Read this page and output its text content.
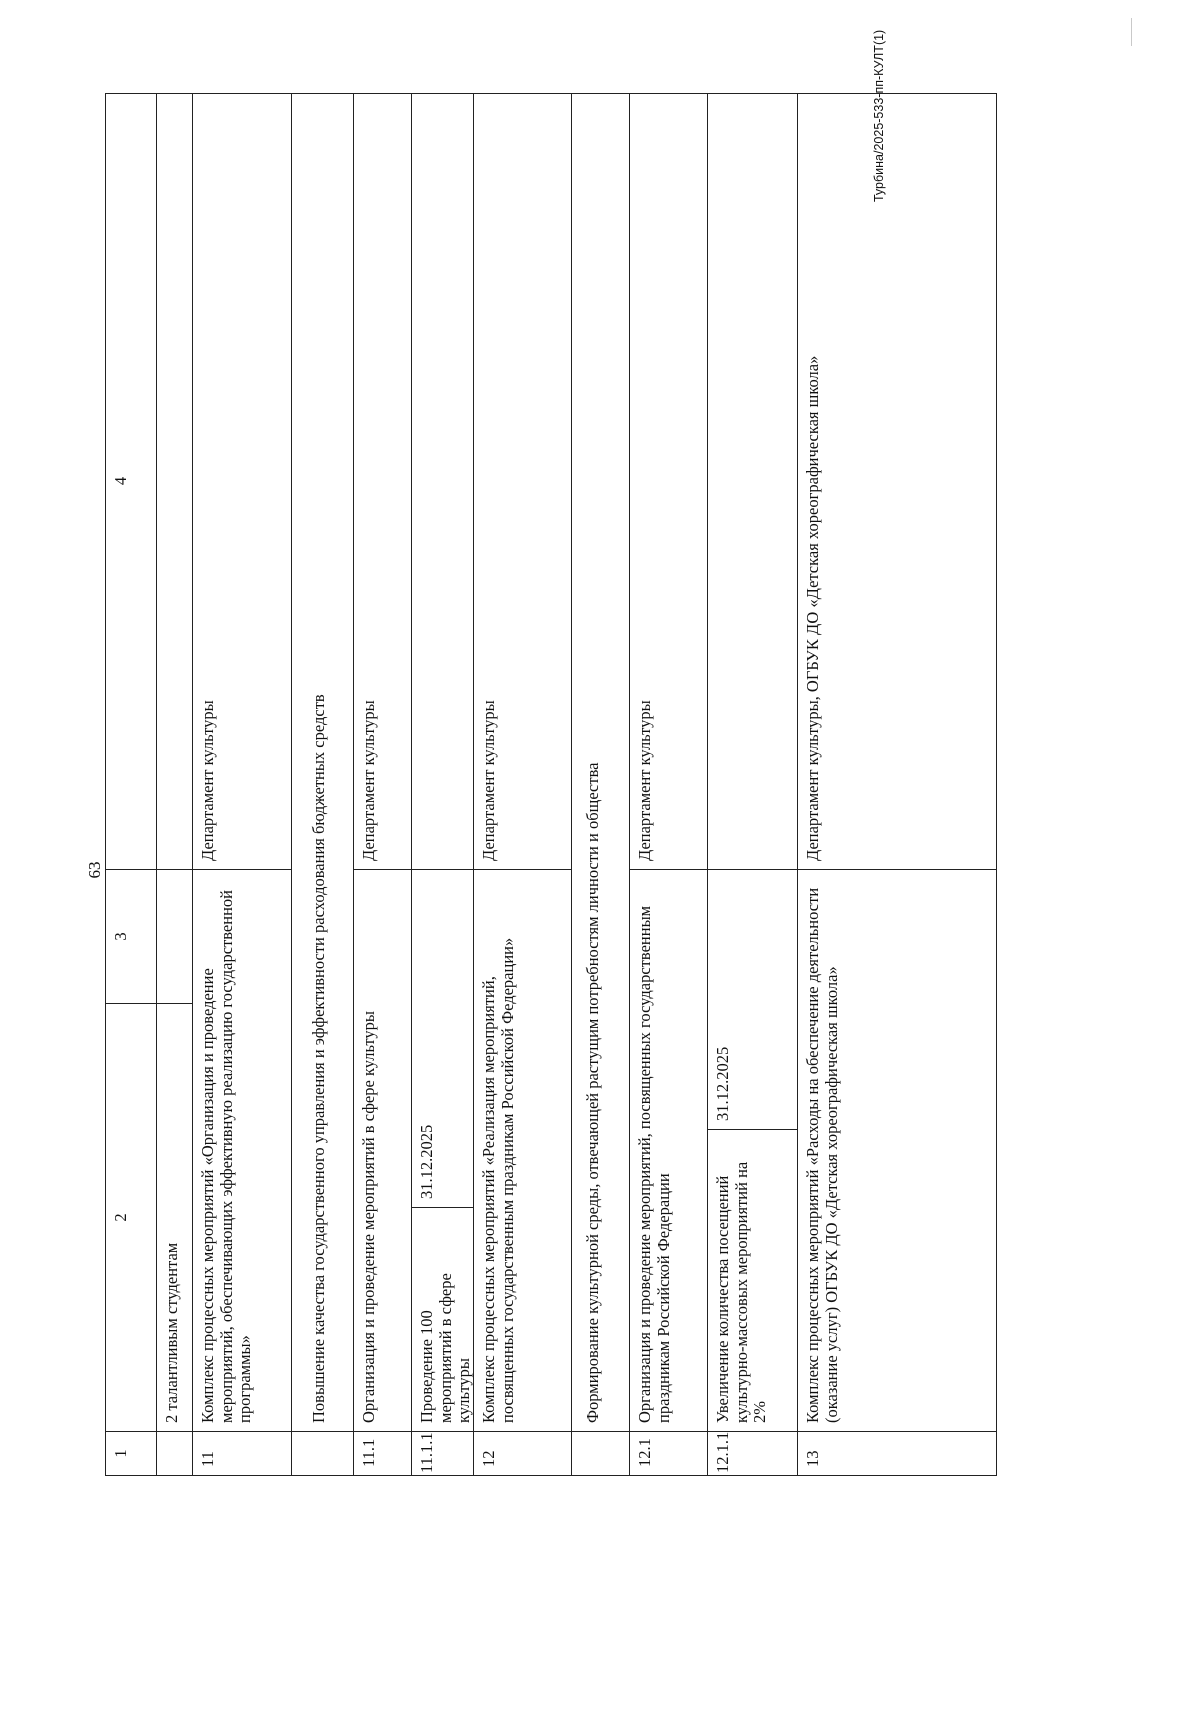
63
Турбина/2025-533-пп-КУЛТ(1)
1
2
3
4
2 талантливым студентам
11
Комплекс процессных мероприятий «Организация и проведение мероприятий, обеспечивающих эффективную реализацию государственной программы»
Департамент культуры	Повышение качества государственного управления и эффективности расходования бюджетных средств
11.1
Организация и проведение мероприятий в сфере культуры
Департамент культуры
11.1.1
Проведение 100 мероприятий в сфере культуры
31.12.2025
12
Комплекс процессных мероприятий «Реализация мероприятий, посвященных государственным праздникам Российской Федерации»
Департамент культуры	Формирование культурной среды, отвечающей растущим потребностям личности и общества
12.1
Организация и проведение мероприятий, посвященных государственным праздникам Российской Федерации
Департамент культуры
12.1.1
Увеличение количества посещений культурно-массовых мероприятий на 2%
31.12.2025
13
Комплекс процессных мероприятий «Расходы на обеспечение деятельности (оказание услуг) ОГБУК ДО «Детская хореографическая школа»
Департамент культуры, ОГБУК ДО «Детская хореографическая школа»
